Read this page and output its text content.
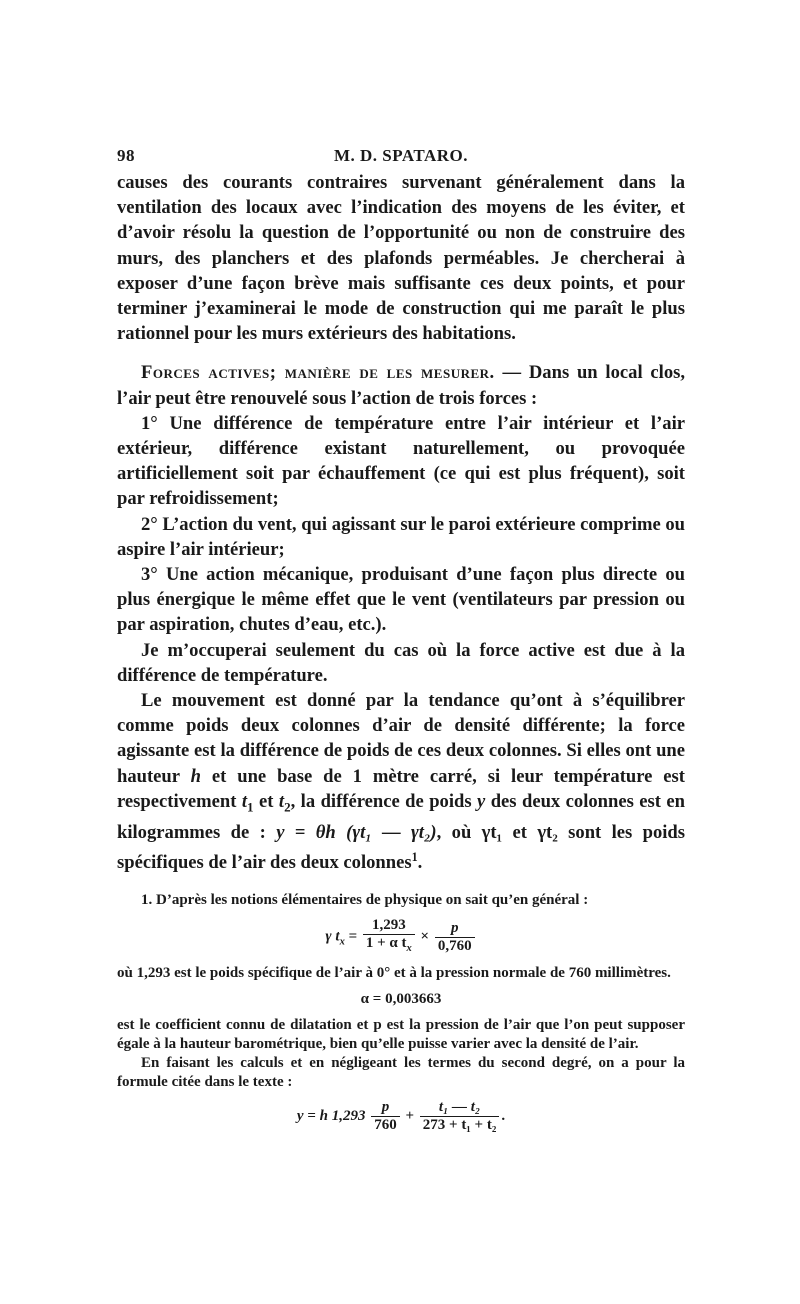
M. D. SPATARO.
98

causes des courants contraires survenant généralement dans la ventilation des locaux avec l’indication des moyens de les éviter, et d’avoir résolu la question de l’opportunité ou non de construire des murs, des planchers et des plafonds perméables. Je chercherai à exposer d’une façon brève mais suffisante ces deux points, et pour terminer j’examinerai le mode de construction qui me paraît le plus rationnel pour les murs extérieurs des habitations.

Forces actives; manière de les mesurer. — Dans un local clos, l’air peut être renouvelé sous l’action de trois forces :

1° Une différence de température entre l’air intérieur et l’air extérieur, différence existant naturellement, ou provoquée artificiellement soit par échauffement (ce qui est plus fréquent), soit par refroidissement;

2° L’action du vent, qui agissant sur le paroi extérieure comprime ou aspire l’air intérieur;

3° Une action mécanique, produisant d’une façon plus directe ou plus énergique le même effet que le vent (ventilateurs par pression ou par aspiration, chutes d’eau, etc.).

Je m’occuperai seulement du cas où la force active est due à la différence de température.

Le mouvement est donné par la tendance qu’ont à s’équilibrer comme poids deux colonnes d’air de densité différente; la force agissante est la différence de poids de ces deux colonnes. Si elles ont une hauteur h et une base de 1 mètre carré, si leur température est respectivement $t_1$ et $t_2$, la différence de poids y des deux colonnes est en kilogrammes de : y = θh (γt₁ — γt₂), où γt₁ et γt₂ sont les poids spécifiques de l’air des deux colonnes$^1$.

1. D’après les notions élémentaires de physique on sait qu’en général :

γ $t_x = \frac{1,293}{1 + \alpha t_x} \times \frac{p}{0,760}$

où 1,293 est le poids spécifique de l’air à 0° et à la pression normale de 760 millimètres.

α = 0,003663

est le coefficient connu de dilatation et p est la pression de l’air que l’on peut supposer égale à la hauteur barométrique, bien qu’elle puisse varier avec la densité de l’air.

En faisant les calculs et en négligeant les termes du second degré, on a pour la formule citée dans le texte :

y = h $1,293 \frac{p}{760} + \frac{\text{t₁ — t₂}}{\text{273 + t₁ + t₂}}$ .
